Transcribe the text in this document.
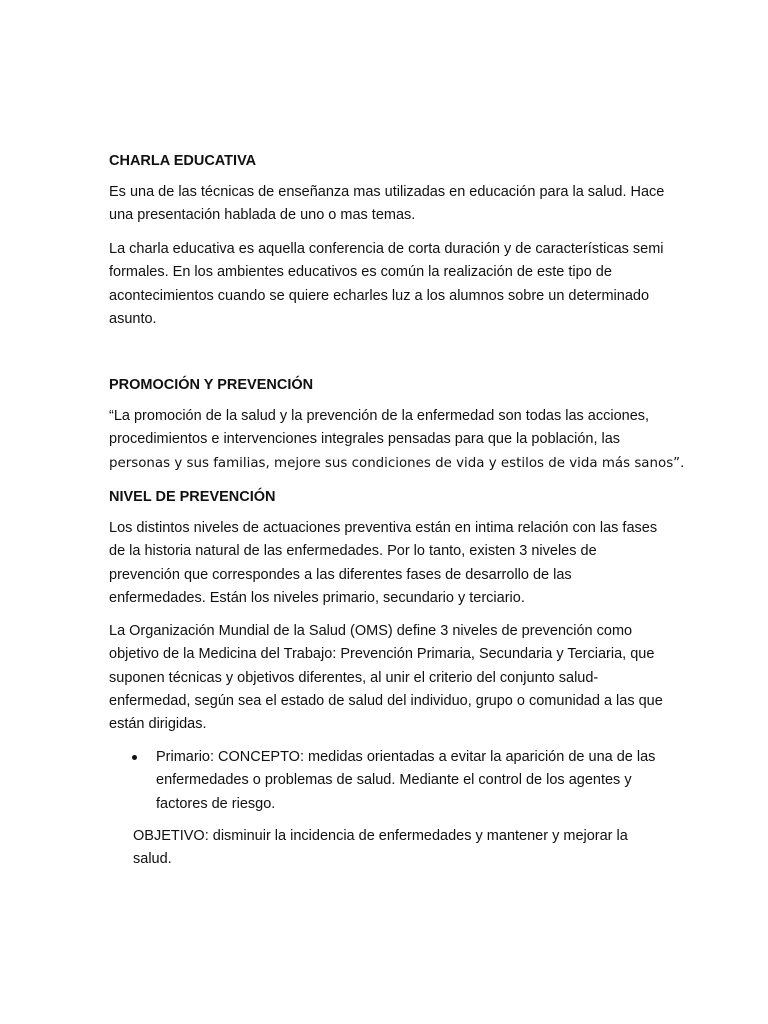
CHARLA EDUCATIVA
Es una de las técnicas de enseñanza mas utilizadas en educación para la salud. Hace
una presentación hablada de uno o mas temas.
La charla educativa es aquella conferencia de corta duración y de características semi
formales. En los ambientes educativos es común la realización de este tipo de
acontecimientos cuando se quiere echarles luz a los alumnos sobre un determinado
asunto.
PROMOCIÓN Y PREVENCIÓN
“La promoción de la salud y la prevención de la enfermedad son todas las acciones,
procedimientos e intervenciones integrales pensadas para que la población, las
personas y sus familias, mejore sus condiciones de vida y estilos de vida más sanos”.
NIVEL DE PREVENCIÓN
Los distintos niveles de actuaciones preventiva están en intima relación con las fases
de la historia natural de las enfermedades. Por lo tanto, existen 3 niveles de
prevención que correspondes a las diferentes fases de desarrollo de las
enfermedades. Están los niveles primario, secundario y terciario.
La Organización Mundial de la Salud (OMS) define 3 niveles de prevención como
objetivo de la Medicina del Trabajo: Prevención Primaria, Secundaria y Terciaria, que
suponen técnicas y objetivos diferentes, al unir el criterio del conjunto salud-
enfermedad, según sea el estado de salud del individuo, grupo o comunidad a las que
están dirigidas.
Primario: CONCEPTO: medidas orientadas a evitar la aparición de una de las
enfermedades o problemas de salud. Mediante el control de los agentes y
factores de riesgo.
OBJETIVO: disminuir la incidencia de enfermedades y mantener y mejorar la
salud.
